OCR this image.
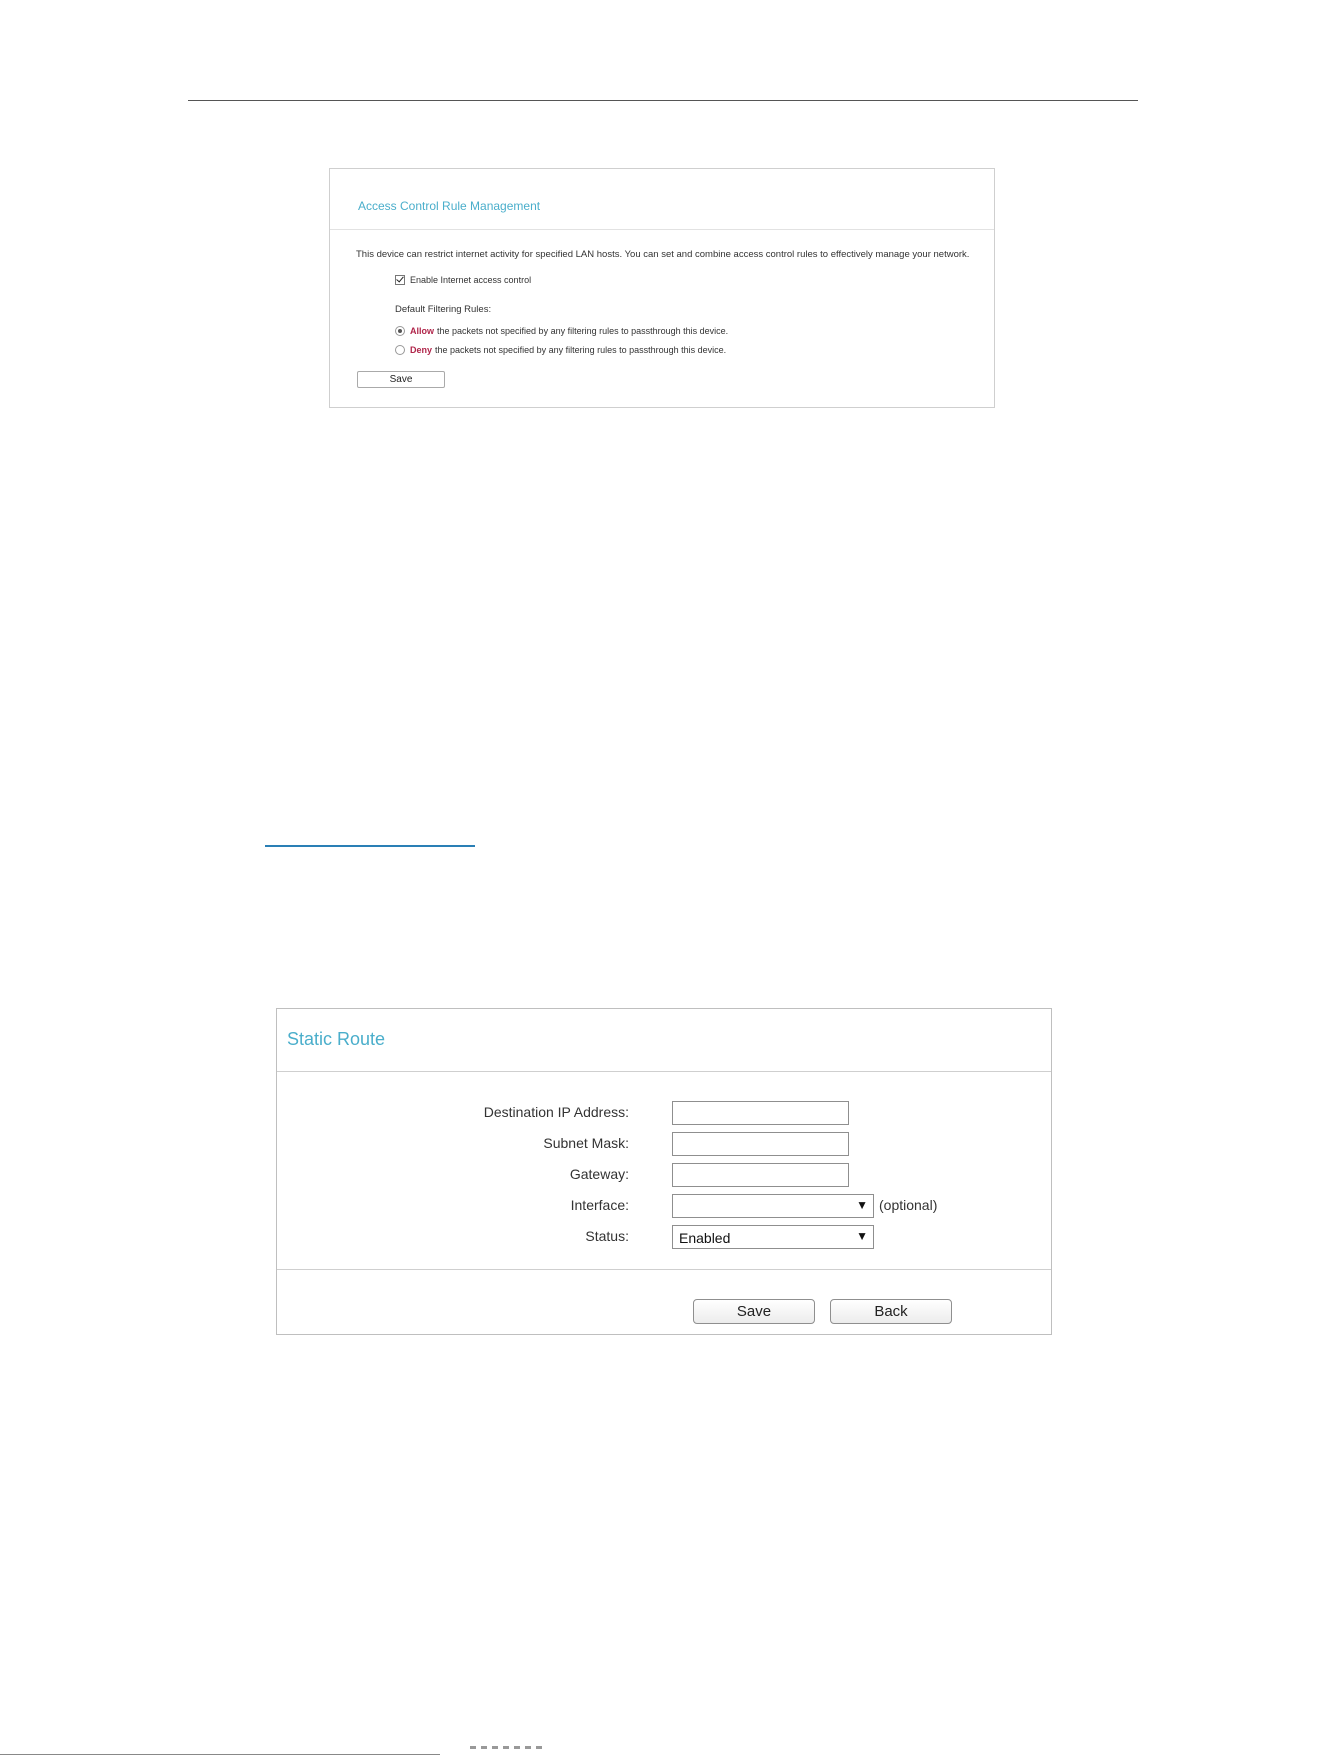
Access Control Rule Management
This device can restrict internet activity for specified LAN hosts. You can set and combine access control rules to effectively manage your network.
Enable Internet access control
Default Filtering Rules:
Allow the packets not specified by any filtering rules to passthrough this device.
Deny the packets not specified by any filtering rules to passthrough this device.
Save
Static Route
Destination IP Address:
Subnet Mask:
Gateway:
Interface:	▼ (optional)
Status:	Enabled	▼
Save	Back
